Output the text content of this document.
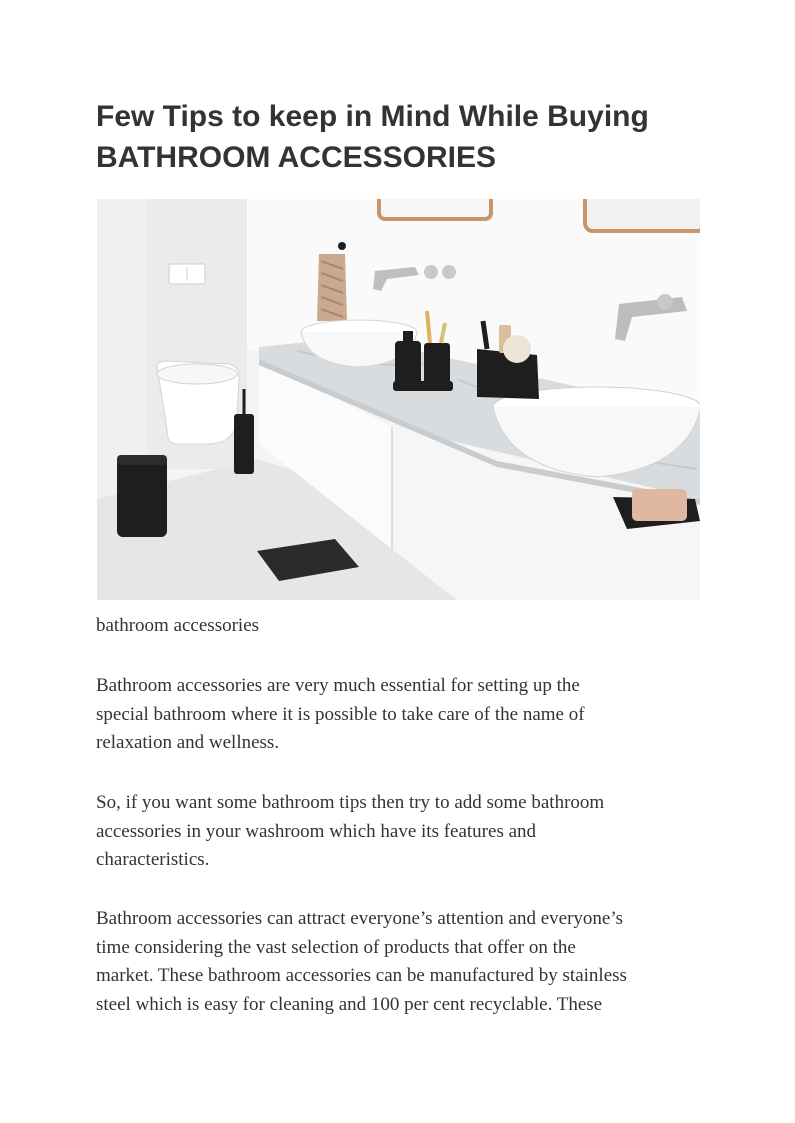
Few Tips to keep in Mind While Buying
BATHROOM ACCESSORIES

bathroom accessories

Bathroom accessories are very much essential for setting up the
special bathroom where it is possible to take care of the name of
relaxation and wellness.

So, if you want some bathroom tips then try to add some bathroom
accessories in your washroom which have its features and
characteristics.

Bathroom accessories can attract everyone’s attention and everyone’s
time considering the vast selection of products that offer on the
market. These bathroom accessories can be manufactured by stainless
steel which is easy for cleaning and 100 per cent recyclable. These
